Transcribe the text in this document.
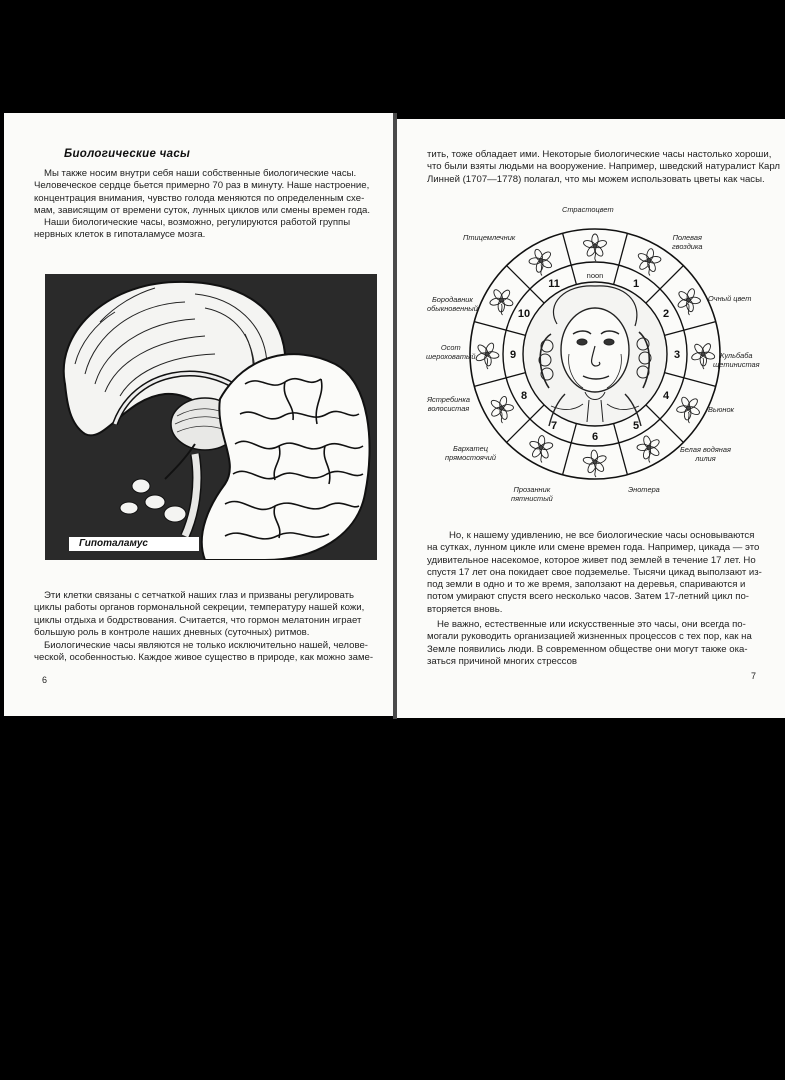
Биологические часы

Мы также носим внутри себя наши собственные биологические часы.
Человеческое сердце бьется примерно 70 раз в минуту. Наше настроение,
концентрация внимания, чувство голода меняются по определенным схе-
мам, зависящим от времени суток, лунных циклов или смены времен года.

Наши биологические часы, возможно, регулируются работой группы
нервных клеток в гипоталамусе мозга.

Гипоталамус

Эти клетки связаны с сетчаткой наших глаз и призваны регулировать
циклы работы органов гормональной секреции, температуру нашей кожи,
циклы отдыха и бодрствования. Считается, что гормон мелатонин играет
большую роль в контроле наших дневных (суточных) ритмов.

Биологические часы являются не только исключительно нашей, челове-
ческой, особенностью. Каждое живое существо в природе, как можно заме-

6

тить, тоже обладает ими. Некоторые биологические часы настолько хороши,
что были взяты людьми на вооружение. Например, шведский натуралист Карл
Линней (1707—1778) полагал, что мы можем использовать цветы как часы.

noon
1
2
3
4
5
6
7
8
9
10
11
Страстоцвет
Птицемлечник	Полевая
гвоздика
Очный цвет
Бородавник
обыкновенный
Осот
шероховатый	Кульбаба
щетинистая
Ястребинка
волосистая	Вьюнок
Бархатец
прямостоячий
Белая водяная
лилия
Прозанник
пятнистый
Энотера

Но, к нашему удивлению, не все биологические часы основываются
на сутках, лунном цикле или смене времен года. Например, цикада — это
удивительное насекомое, которое живет под землей в течение 17 лет. Но
спустя 17 лет она покидает свое подземелье. Тысячи цикад выползают из-
под земли в одно и то же время, заползают на деревья, спариваются и
потом умирают спустя всего несколько часов. Затем 17-летний цикл по-
вторяется вновь.

Не важно, естественные или искусственные это часы, они всегда по-
могали руководить организацией жизненных процессов с тех пор, как на
Земле появились люди. В современном обществе они могут также ока-
заться причиной многих стрессов

7
